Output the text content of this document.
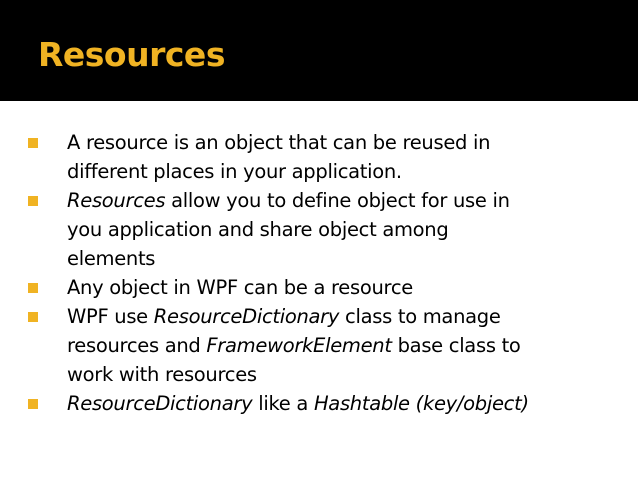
Resources
A resource is an object that can be reused in
different places in your application.
Resources allow you to define object for use in
you application and share object among
elements
Any object in WPF can be a resource
WPF use ResourceDictionary class to manage
resources and FrameworkElement base class to
work with resources
ResourceDictionary like a Hashtable (key/object)
